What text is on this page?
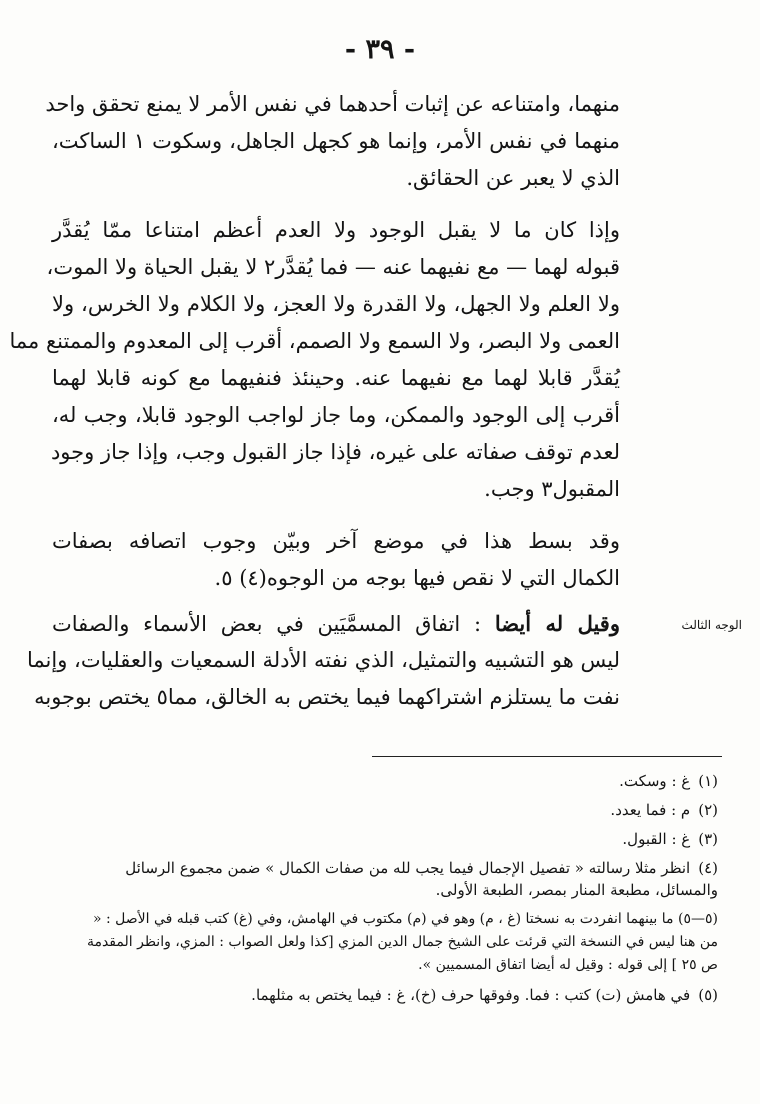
- ٣٩ -
منهما، وامتناعه عن إثبات أحدهما في نفس الأمر لا يمنع تحقق واحد
منهما في نفس الأمر، وإنما هو كجهل الجاهل، وسكوت ١ الساكت،
الذي لا يعبر عن الحقائق.
وإذا كان ما لا يقبل الوجود ولا العدم أعظم امتناعا ممّا يُقدَّر
قبوله لهما — مع نفيهما عنه — فما يُقدَّر٢ لا يقبل الحياة ولا الموت،
ولا العلم ولا الجهل، ولا القدرة ولا العجز، ولا الكلام ولا الخرس، ولا
العمى ولا البصر، ولا السمع ولا الصمم، أقرب إلى المعدوم والممتنع مما
يُقدَّر قابلا لهما مع نفيهما عنه. وحينئذ فنفيهما مع كونه قابلا لهما
أقرب إلى الوجود والممكن، وما جاز لواجب الوجود قابلا، وجب له،
لعدم توقف صفاته على غيره، فإذا جاز القبول وجب، وإذا جاز وجود
المقبول٣ وجب.
وقد بسط هذا في موضع آخر وبيّن وجوب اتصافه بصفات
الكمال التي لا نقص فيها بوجه من الوجوه(٤) ٥.
وقيل له أيضا : اتفاق المسمَّيَين في بعض الأسماء والصفات
ليس هو التشبيه والتمثيل، الذي نفته الأدلة السمعيات والعقليات، وإنما
نفت ما يستلزم اشتراكهما فيما يختص به الخالق، مما٥ يختص بوجوبه
الوجه الثالث
(١)غ : وسكت.
(٢)م : فما يعدد.
(٣)غ : القبول.
(٤)انظر مثلا رسالته « تفصيل الإجمال فيما يجب لله من صفات الكمال » ضمن مجموع الرسائل والمسائل، مطبعة المنار بمصر، الطبعة الأولى.
(٥—٥) ما بينهما انفردت به نسختا (غ ، م) وهو في (م) مكتوب في الهامش، وفي (غ) كتب قبله في الأصل : « من هنا ليس في النسخة التي قرئت على الشيخ جمال الدين المزي [كذا ولعل الصواب : المزي، وانظر المقدمة ص ٢٥ ] إلى قوله : وقيل له أيضا اتفاق المسميين ».
(٥)في هامش (ت) كتب : فما. وفوقها حرف (خ)، غ : فيما يختص به مثلهما.
